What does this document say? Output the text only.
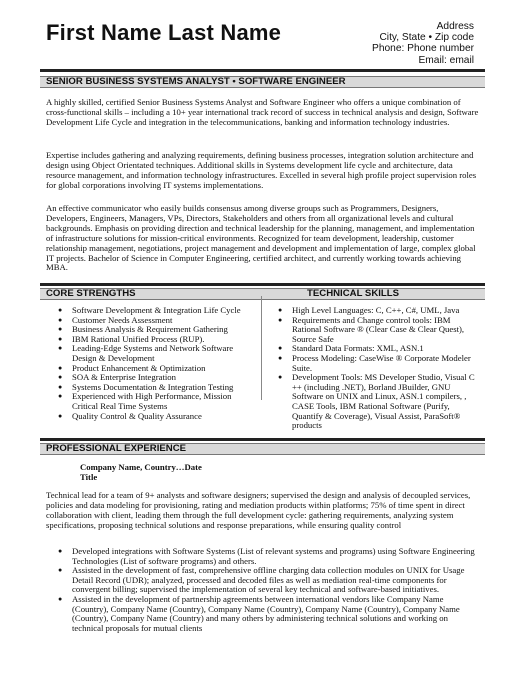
First Name Last Name	Address
City, State • Zip code
Phone: Phone number
Email: email
SENIOR BUSINESS SYSTEMS ANALYST • SOFTWARE ENGINEER

A highly skilled, certified Senior Business Systems Analyst and Software Engineer who offers a unique combination of cross-functional skills – including a 10+ year international track record of success in technical analysis and design, Software Development Life Cycle and integration in the telecommunications, banking and information technology industries.

Expertise includes gathering and analyzing requirements, defining business processes, integration solution architecture and design using Object Orientated techniques. Additional skills in Systems development life cycle and architecture, data resource management, and information technology infrastructures. Excelled in several high profile project supervision roles for global corporations involving IT systems implementations.

An effective communicator who easily builds consensus among diverse groups such as Programmers, Designers, Developers, Engineers, Managers, VPs, Directors, Stakeholders and others from all organizational levels and cultural backgrounds. Emphasis on providing direction and technical leadership for the planning, management, and implementation of infrastructure solutions for mission-critical environments. Recognized for team development, leadership, customer relationship management, negotiations, project management and development and implementation of large, complex global IT projects. Bachelor of Science in Computer Engineering, certified architect, and currently working towards achieving MBA.

CORE STRENGTHS	TECHNICAL SKILLS
● Software Development & Integration Life Cycle
● Customer Needs Assessment
● Business Analysis & Requirement Gathering
● IBM Rational Unified Process (RUP).
● Leading-Edge Systems and Network Software Design & Development
● Product Enhancement & Optimization
● SOA & Enterprise Integration
● Systems Documentation & Integration Testing
● Experienced with High Performance, Mission Critical Real Time Systems
● Quality Control & Quality Assurance
● High Level Languages: C, C++, C#, UML, Java
● Requirements and Change control tools: IBM Rational Software ® (Clear Case & Clear Quest), Source Safe
● Standard Data Formats: XML, ASN.1
● Process Modeling: CaseWise ® Corporate Modeler Suite.
● Development Tools: MS Developer Studio, Visual C ++ (including .NET), Borland JBuilder, GNU Software on UNIX and Linux, ASN.1 compilers, , CASE Tools, IBM Rational Software (Purify, Quantify & Coverage), Visual Assist, ParaSoft® products
PROFESSIONAL EXPERIENCE
Company Name, Country…Date
Title

Technical lead for a team of 9+ analysts and software designers; supervised the design and analysis of decoupled services, policies and data modeling for provisioning, rating and mediation products within platforms; 75% of time spent in direct collaboration with client, leading them through the full development cycle: gathering requirements, analyzing system specifications, proposing technical solutions and response preparations, while ensuring quality control

● Developed integrations with Software Systems (List of relevant systems and programs) using Software Engineering Technologies (List of software programs) and others.
● Assisted in the development of fast, comprehensive offline charging data collection modules on UNIX for Usage Detail Record (UDR); analyzed, processed and decoded files as well as mediation real-time components for convergent billing; supervised the implementation of several key technical and software-based initiatives.
● Assisted in the development of partnership agreements between international vendors like Company Name (Country), Company Name (Country), Company Name (Country), Company Name (Country), Company Name (Country), Company Name (Country) and many others by administering technical solutions and working on technical proposals for mutual clients
